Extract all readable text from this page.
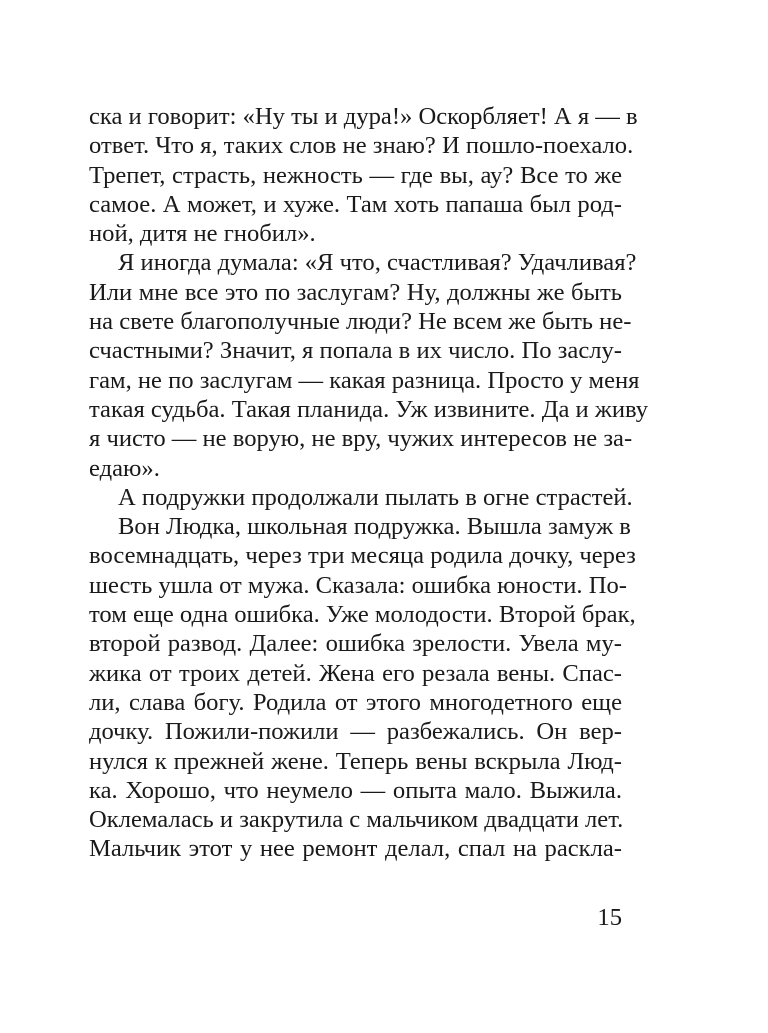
ска и говорит: «Ну ты и дура!» Оскорбляет! А я — в
ответ. Что я, таких слов не знаю? И пошло-поехало.
Трепет, страсть, нежность — где вы, ау? Все то же
самое. А может, и хуже. Там хоть папаша был род-
ной, дитя не гнобил».
Я иногда думала: «Я что, счастливая? Удачливая?
Или мне все это по заслугам? Ну, должны же быть
на свете благополучные люди? Не всем же быть не-
счастными? Значит, я попала в их число. По заслу-
гам, не по заслугам — какая разница. Просто у меня
такая судьба. Такая планида. Уж извините. Да и живу
я чисто — не ворую, не вру, чужих интересов не за-
едаю».
А подружки продолжали пылать в огне страстей.
Вон Людка, школьная подружка. Вышла замуж в
восемнадцать, через три месяца родила дочку, через
шесть ушла от мужа. Сказала: ошибка юности. По-
том еще одна ошибка. Уже молодости. Второй брак,
второй развод. Далее: ошибка зрелости. Увела му-
жика от троих детей. Жена его резала вены. Спас-
ли, слава богу. Родила от этого многодетного еще
дочку. Пожили-пожили — разбежались. Он вер-
нулся к прежней жене. Теперь вены вскрыла Люд-
ка. Хорошо, что неумело — опыта мало. Выжила.
Оклемалась и закрутила с мальчиком двадцати лет.
Мальчик этот у нее ремонт делал, спал на раскла-
15
